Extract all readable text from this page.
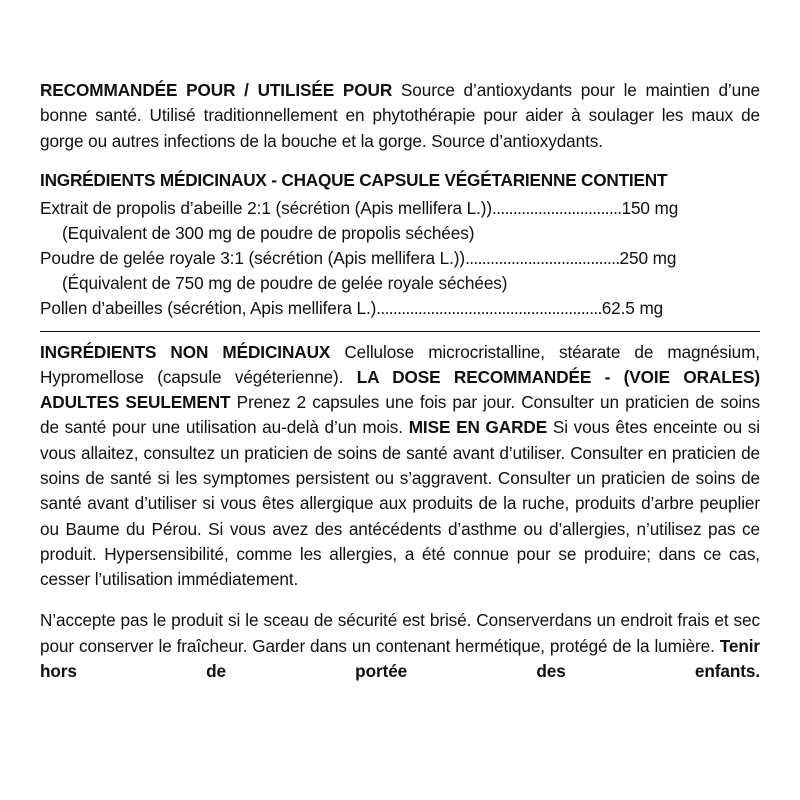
RECOMMANDÉE POUR / UTILISÉE POUR Source d’antioxydants pour le maintien d’une bonne santé. Utilisé traditionnellement en phytothérapie pour aider à soulager les maux de gorge ou autres infections de la bouche et la gorge. Source d’antioxydants.
INGRÉDIENTS MÉDICINAUX - CHAQUE CAPSULE VÉGÉTARIENNE CONTIENT
Extrait de propolis d’abeille 2:1 (sécrétion (Apis mellifera L.))...............................150 mg
(Equivalent de 300 mg de poudre de propolis séchées)
Poudre de gelée royale 3:1 (sécrétion (Apis mellifera L.)).....................................250 mg
(Équivalent de 750 mg de poudre de gelée royale séchées)
Pollen d’abeilles (sécrétion, Apis mellifera L.)......................................................62.5 mg
INGRÉDIENTS NON MÉDICINAUX Cellulose microcristalline, stéarate de magnésium, Hypromellose (capsule végéterienne). LA DOSE RECOMMANDÉE - (VOIE ORALES) ADULTES SEULEMENT Prenez 2 capsules une fois par jour. Consulter un praticien de soins de santé pour une utilisation au-delà d’un mois. MISE EN GARDE Si vous êtes enceinte ou si vous allaitez, consultez un praticien de soins de santé avant d’utiliser. Consulter en praticien de soins de santé si les symptomes persistent ou s’aggravent. Consulter un praticien de soins de santé avant d’utiliser si vous êtes allergique aux produits de la ruche, produits d’arbre peuplier ou Baume du Pérou. Si vous avez des antécédents d’asthme ou d’allergies, n’utilisez pas ce produit. Hypersensibilité, comme les allergies, a été connue pour se produire; dans ce cas, cesser l’utilisation immédiatement.
N’accepte pas le produit si le sceau de sécurité est brisé. Conserverdans un endroit frais et sec pour conserver le fraîcheur. Garder dans un contenant hermétique, protégé de la lumière. Tenir hors de portée des enfants.
